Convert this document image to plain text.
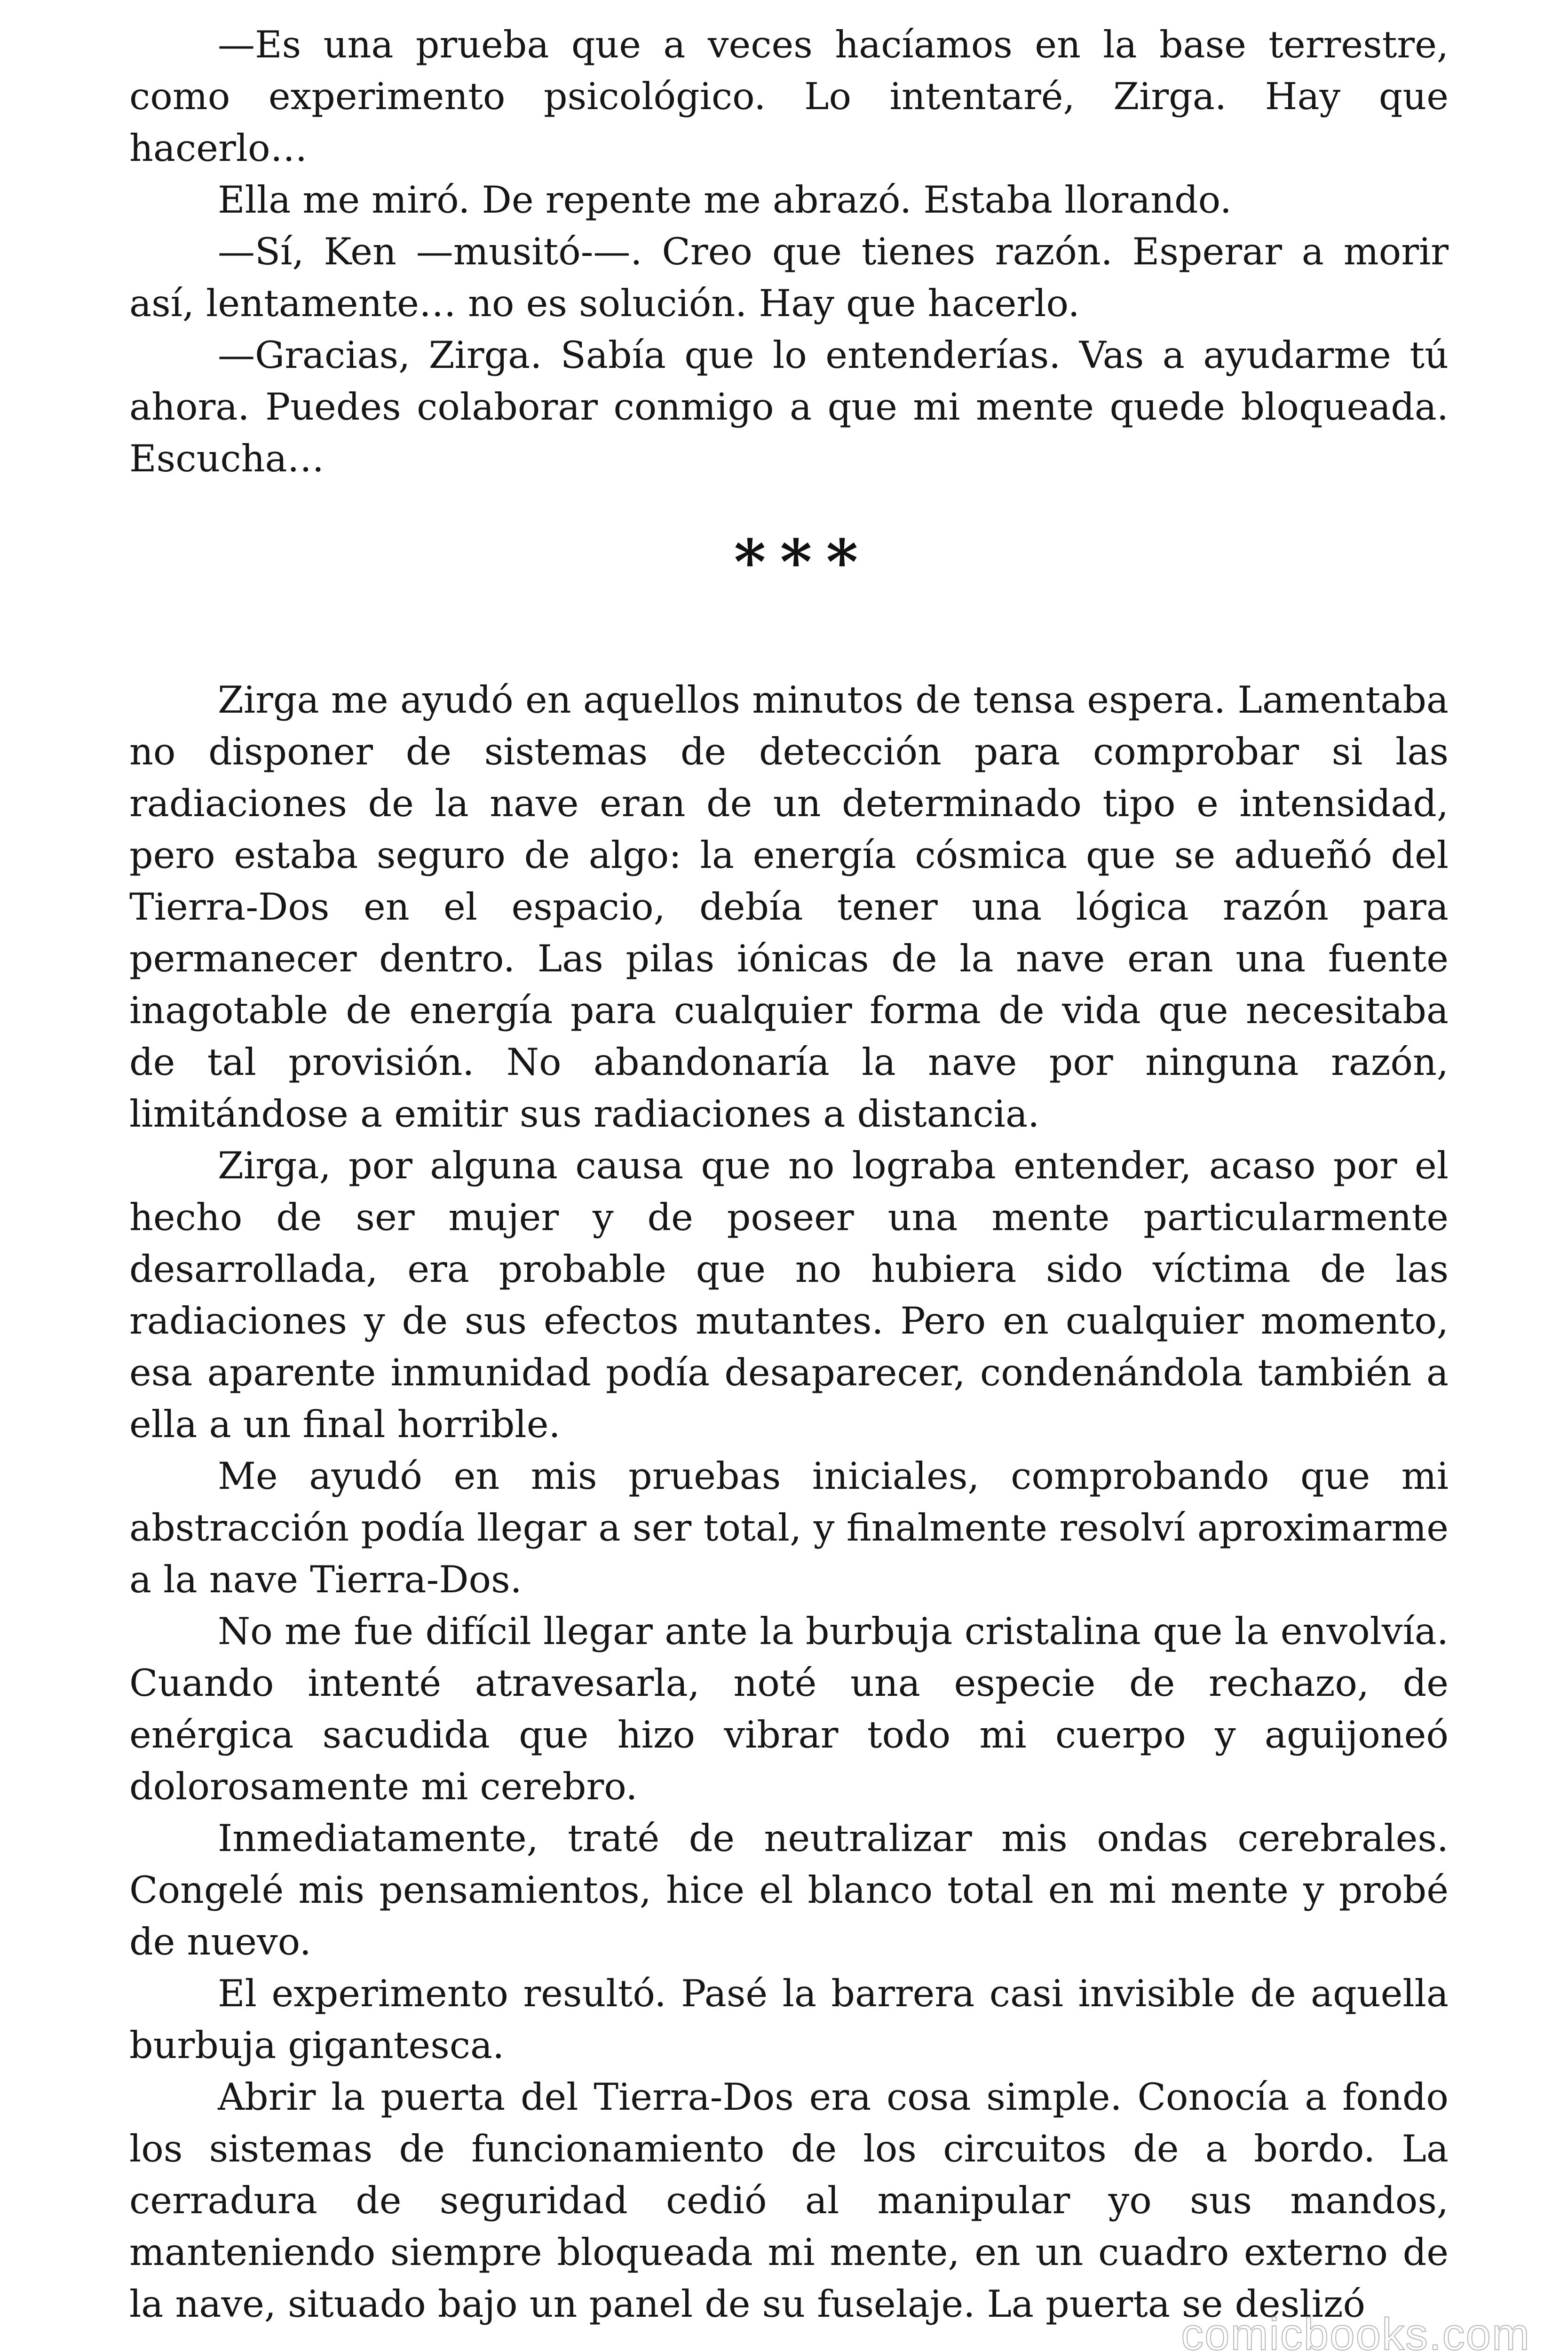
—Es una prueba que a veces hacíamos en la base terrestre, como experimento psicológico. Lo intentaré, Zirga. Hay que hacerlo…

Ella me miró. De repente me abrazó. Estaba llorando.

—Sí, Ken —musitó-—. Creo que tienes razón. Esperar a morir así, lentamente… no es solución. Hay que hacerlo.

—Gracias, Zirga. Sabía que lo entenderías. Vas a ayudarme tú ahora. Puedes colaborar conmigo a que mi mente quede bloqueada. Escucha…

***

Zirga me ayudó en aquellos minutos de tensa espera. Lamentaba no disponer de sistemas de detección para comprobar si las radiaciones de la nave eran de un determinado tipo e intensidad, pero estaba seguro de algo: la energía cósmica que se adueñó del Tierra-Dos en el espacio, debía tener una lógica razón para permanecer dentro. Las pilas iónicas de la nave eran una fuente inagotable de energía para cualquier forma de vida que necesitaba de tal provisión. No abandonaría la nave por ninguna razón, limitándose a emitir sus radiaciones a distancia.

Zirga, por alguna causa que no lograba entender, acaso por el hecho de ser mujer y de poseer una mente particularmente desarrollada, era probable que no hubiera sido víctima de las radiaciones y de sus efectos mutantes. Pero en cualquier momento, esa aparente inmunidad podía desaparecer, condenándola también a ella a un final horrible.

Me ayudó en mis pruebas iniciales, comprobando que mi abstracción podía llegar a ser total, y finalmente resolví aproximarme a la nave Tierra-Dos.

No me fue difícil llegar ante la burbuja cristalina que la envolvía. Cuando intenté atravesarla, noté una especie de rechazo, de enérgica sacudida que hizo vibrar todo mi cuerpo y aguijoneó dolorosamente mi cerebro.

Inmediatamente, traté de neutralizar mis ondas cerebrales. Congelé mis pensamientos, hice el blanco total en mi mente y probé de nuevo.

El experimento resultó. Pasé la barrera casi invisible de aquella burbuja gigantesca.

Abrir la puerta del Tierra-Dos era cosa simple. Conocía a fondo los sistemas de funcionamiento de los circuitos de a bordo. La cerradura de seguridad cedió al manipular yo sus mandos, manteniendo siempre bloqueada mi mente, en un cuadro externo de la nave, situado bajo un panel de su fuselaje. La puerta se deslizó

comicbooks.com
